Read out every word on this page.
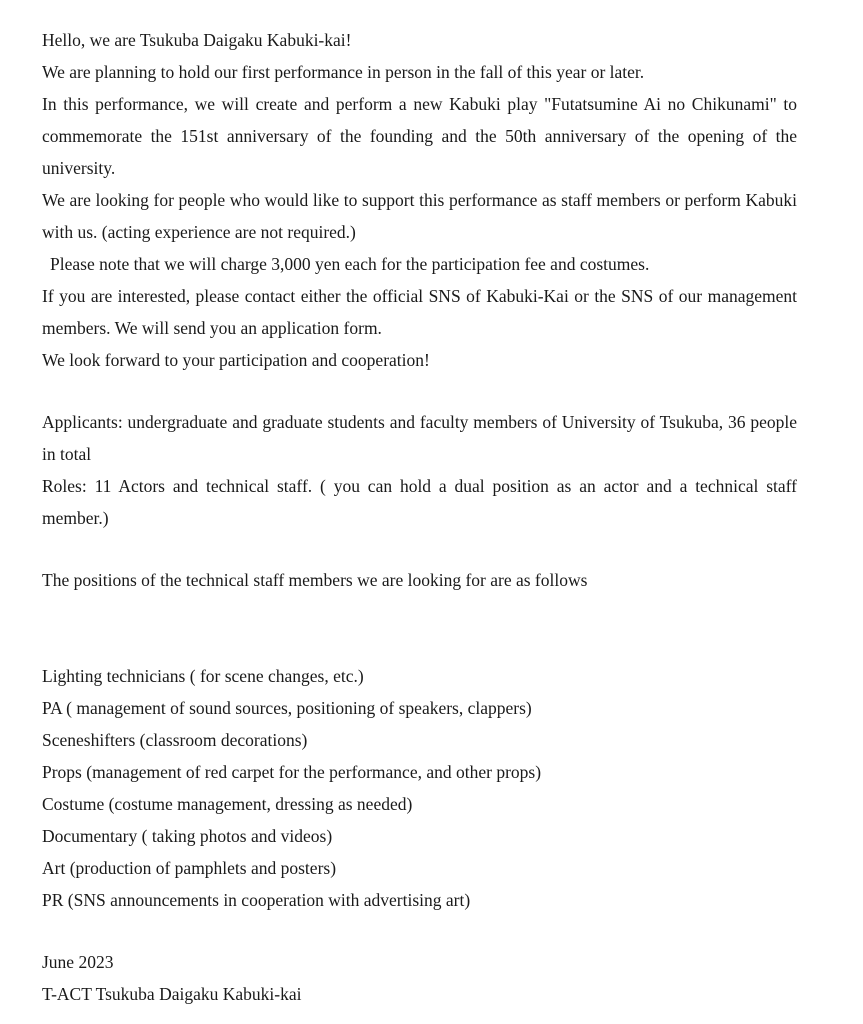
Hello, we are Tsukuba Daigaku Kabuki-kai!
We are planning to hold our first performance in person in the fall of this year or later.
In this performance, we will create and perform a new Kabuki play "Futatsumine Ai no Chikunami" to commemorate the 151st anniversary of the founding and the 50th anniversary of the opening of the university.
We are looking for people who would like to support this performance as staff members or perform Kabuki with us. (acting experience are not required.)
Please note that we will charge 3,000 yen each for the participation fee and costumes.
If you are interested, please contact either the official SNS of Kabuki-Kai or the SNS of our management members. We will send you an application form.
We look forward to your participation and cooperation!
Applicants: undergraduate and graduate students and faculty members of University of Tsukuba, 36 people in total
Roles: 11 Actors and technical staff. ( you can hold a dual position as an actor and a technical staff member.)
The positions of the technical staff members we are looking for are as follows
Lighting technicians ( for scene changes, etc.)
PA ( management of sound sources, positioning of speakers, clappers)
Sceneshifters (classroom decorations)
Props (management of red carpet for the performance, and other props)
Costume (costume management, dressing as needed)
Documentary ( taking photos and videos)
Art (production of pamphlets and posters)
PR (SNS announcements in cooperation with advertising art)
June 2023
T-ACT Tsukuba Daigaku Kabuki-kai
